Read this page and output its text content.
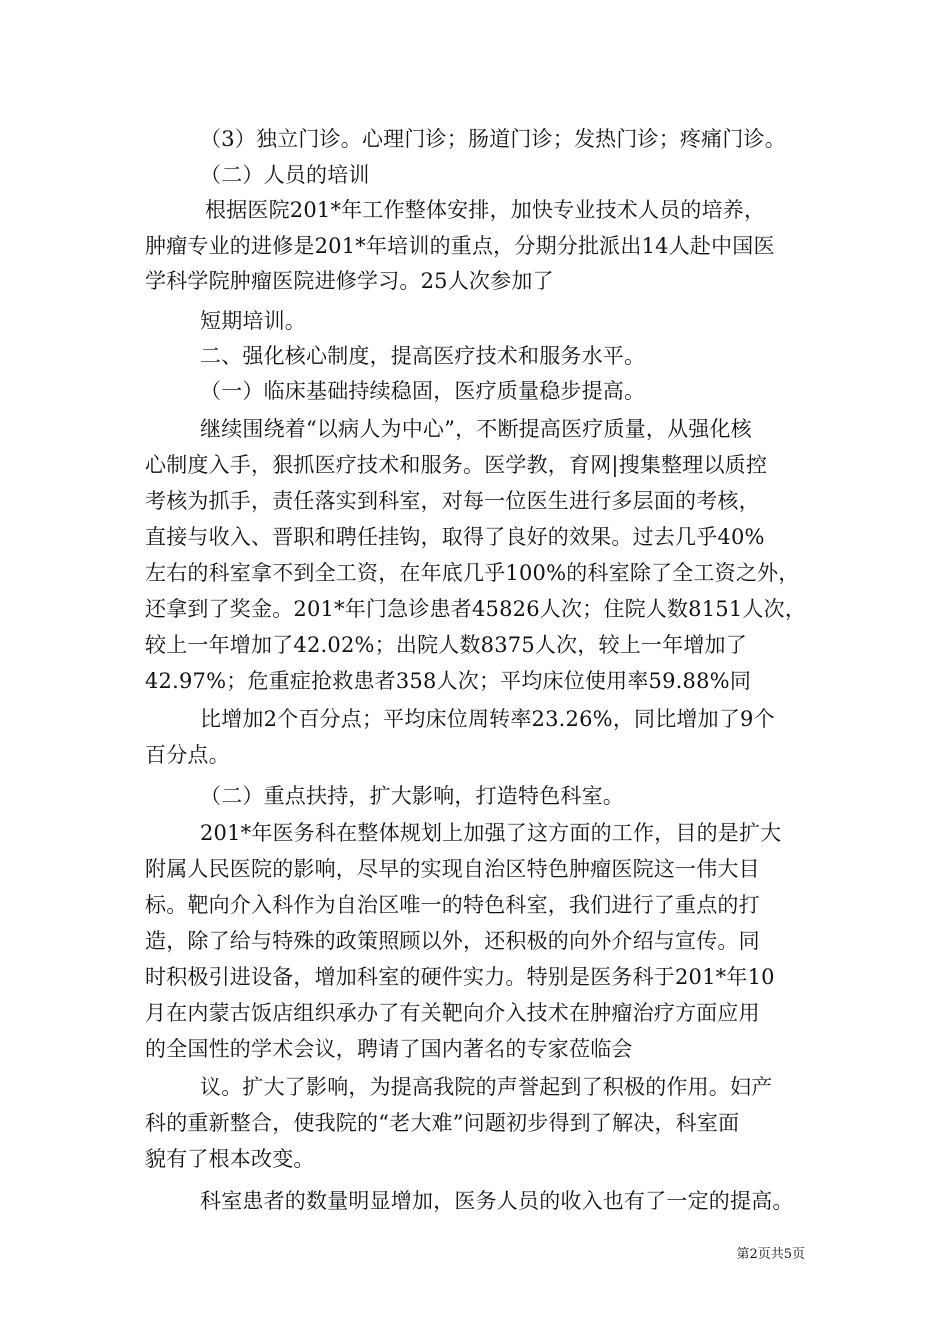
（3）独立门诊。心理门诊；肠道门诊；发热门诊；疼痛门诊。
（二）人员的培训
根据医院201*年工作整体安排，加快专业技术人员的培养，
肿瘤专业的进修是201*年培训的重点，分期分批派出14人赴中国医
学科学院肿瘤医院进修学习。25人次参加了
短期培训。
二、强化核心制度，提高医疗技术和服务水平。
（一）临床基础持续稳固，医疗质量稳步提高。
继续围绕着“以病人为中心”，不断提高医疗质量，从强化核
心制度入手，狠抓医疗技术和服务。医学教，育网|搜集整理以质控
考核为抓手，责任落实到科室，对每一位医生进行多层面的考核，
直接与收入、晋职和聘任挂钩，取得了良好的效果。过去几乎40%
左右的科室拿不到全工资，在年底几乎100%的科室除了全工资之外，
还拿到了奖金。201*年门急诊患者45826人次；住院人数8151人次，
较上一年增加了42.02%；出院人数8375人次，较上一年增加了
42.97%；危重症抢救患者358人次；平均床位使用率59.88%同
比增加2个百分点；平均床位周转率23.26%，同比增加了9个
百分点。
（二）重点扶持，扩大影响，打造特色科室。
201*年医务科在整体规划上加强了这方面的工作，目的是扩大
附属人民医院的影响，尽早的实现自治区特色肿瘤医院这一伟大目
标。靶向介入科作为自治区唯一的特色科室，我们进行了重点的打
造，除了给与特殊的政策照顾以外，还积极的向外介绍与宣传。同
时积极引进设备，增加科室的硬件实力。特别是医务科于201*年10
月在内蒙古饭店组织承办了有关靶向介入技术在肿瘤治疗方面应用
的全国性的学术会议，聘请了国内著名的专家莅临会
议。扩大了影响，为提高我院的声誉起到了积极的作用。妇产
科的重新整合，使我院的“老大难”问题初步得到了解决，科室面
貌有了根本改变。
科室患者的数量明显增加，医务人员的收入也有了一定的提高。
第2页共5页
